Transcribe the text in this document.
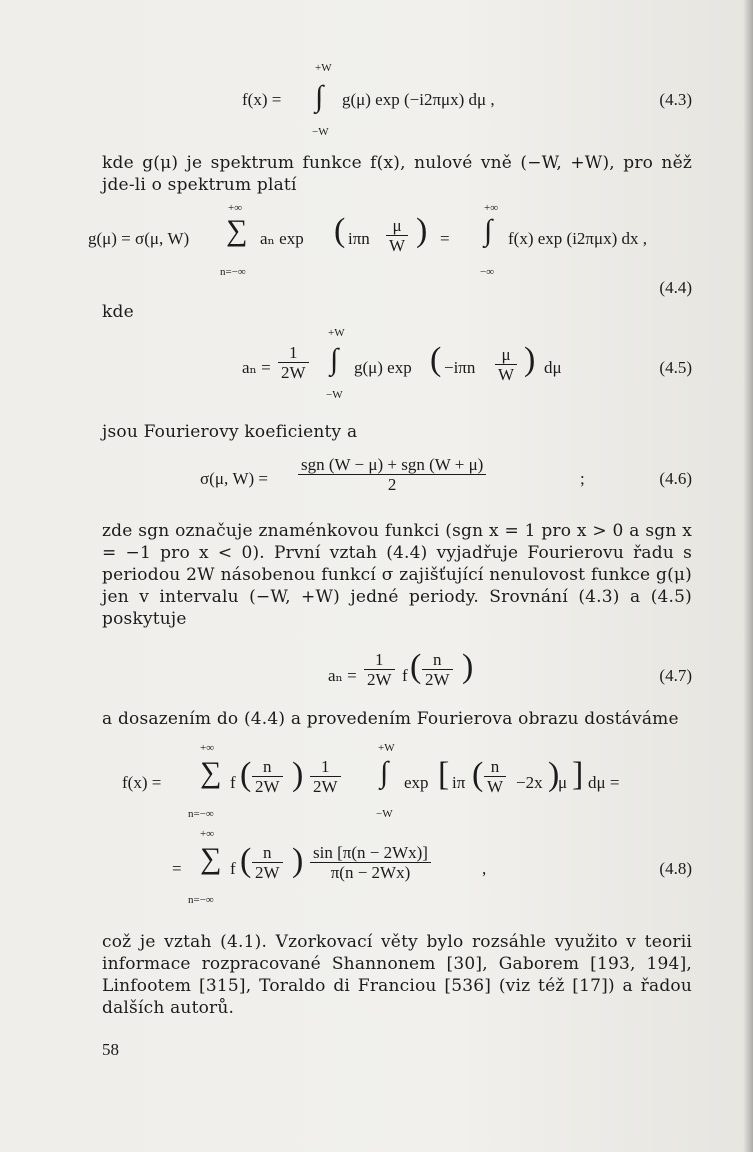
f(x) =
+W
∫
−W
g(μ) exp (−i2πμx) dμ ,	(4.3)
kde g(μ) je spektrum funkce f(x), nulové vně (−W, +W), pro něž jde-li o spektrum platí
g(μ) = σ(μ, W)
+∞
∑
n=−∞
aₙ exp ( iπn $\frac{\mu}{W}$ ) =
+∞
∫
−∞
f(x) exp (i2πμx) dx ,
(4.4)
kde
$a_n = \frac{1}{2W}$
+W
∫
−W
g(μ) exp ( $-i\pi n \frac{\mu}{W}$ ) dμ	(4.5)
jsou Fourierovy koeficienty a
σ(μ, W) =
sgn (W − μ) + sgn (W + μ)
2	;	(4.6)
zde sgn označuje znaménkovou funkci (sgn x = 1 pro x > 0 a sgn x = −1 pro x < 0). První vztah (4.4) vyjadřuje Fourierovu řadu s periodou 2W násobenou funkcí σ zajišťující nenulovost funkce g(μ) jen v intervalu (−W, +W) jedné periody. Srovnání (4.3) a (4.5) poskytuje
$a_n = \frac{1}{2W}$ f ( $\frac{n}{2W}$ )	(4.7)
a dosazením do (4.4) a provedením Fourierova obrazu dostáváme
f(x) =
+∞
∑
n=−∞
f ( $\frac{n}{2W}$ ) $\frac{1}{2W}$
+W
∫
−W
exp [ iπ ( $\frac{n}{W} -2x$ )
μ ] dμ =
=
+∞
∑
n=−∞
f ( $\frac{n}{2W}$ ) $\frac{\sin [\pi(n - 2Wx)]}{\pi(n - 2Wx)}$	,	(4.8)
což je vztah (4.1). Vzorkovací věty bylo rozsáhle využito v teorii informace rozpracované Shannonem [30], Gaborem [193, 194], Linfootem [315], Toraldo di Franciou [536] (viz též [17]) a řadou dalších autorů.
58
